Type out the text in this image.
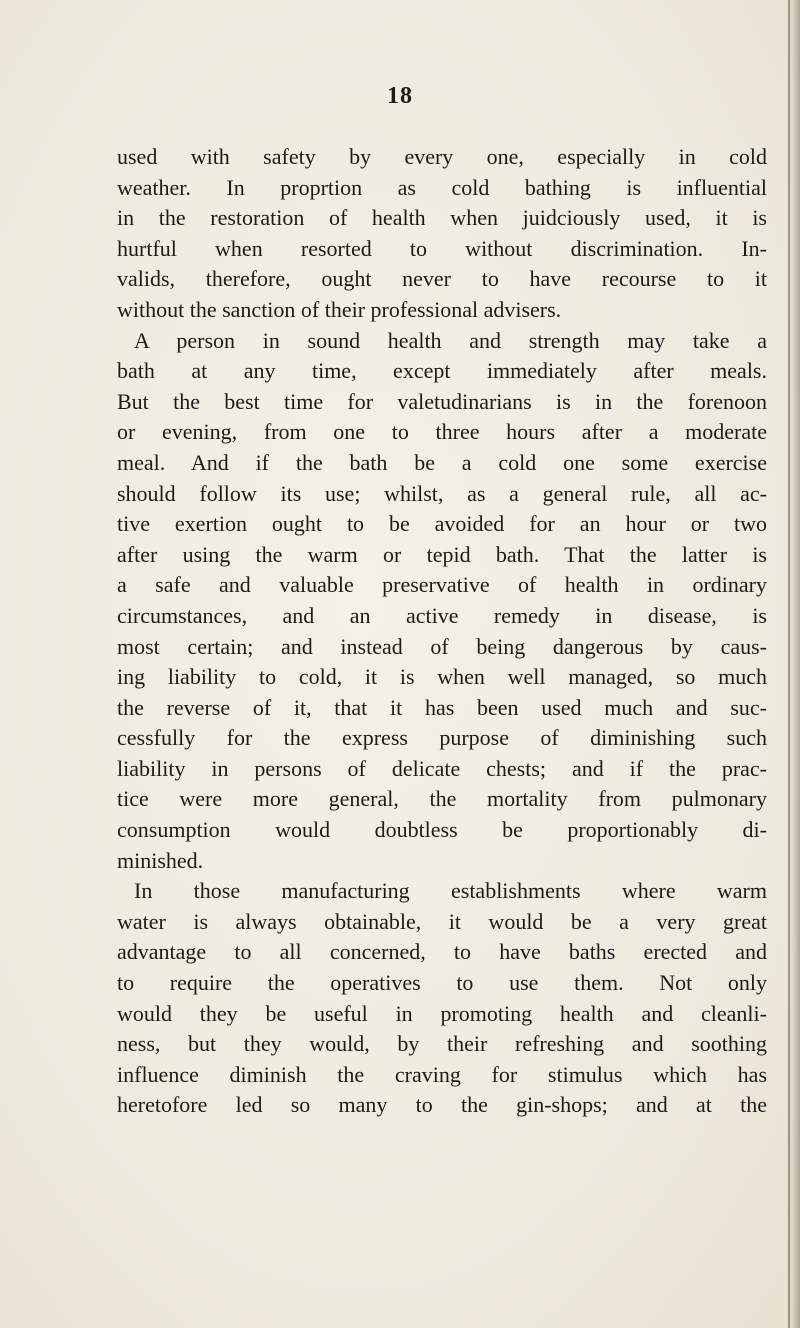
18
used with safety by every one, especially in cold
weather. In proprtion as cold bathing is influential
in the restoration of health when juidciously used, it is
hurtful when resorted to without discrimination. In-
valids, therefore, ought never to have recourse to it
without the sanction of their professional advisers.
A person in sound health and strength may take a
bath at any time, except immediately after meals.
But the best time for valetudinarians is in the forenoon
or evening, from one to three hours after a moderate
meal. And if the bath be a cold one some exercise
should follow its use; whilst, as a general rule, all ac-
tive exertion ought to be avoided for an hour or two
after using the warm or tepid bath. That the latter is
a safe and valuable preservative of health in ordinary
circumstances, and an active remedy in disease, is
most certain; and instead of being dangerous by caus-
ing liability to cold, it is when well managed, so much
the reverse of it, that it has been used much and suc-
cessfully for the express purpose of diminishing such
liability in persons of delicate chests; and if the prac-
tice were more general, the mortality from pulmonary
consumption would doubtless be proportionably di-
minished.
In those manufacturing establishments where warm
water is always obtainable, it would be a very great
advantage to all concerned, to have baths erected and
to require the operatives to use them. Not only
would they be useful in promoting health and cleanli-
ness, but they would, by their refreshing and soothing
influence diminish the craving for stimulus which has
heretofore led so many to the gin-shops; and at the
